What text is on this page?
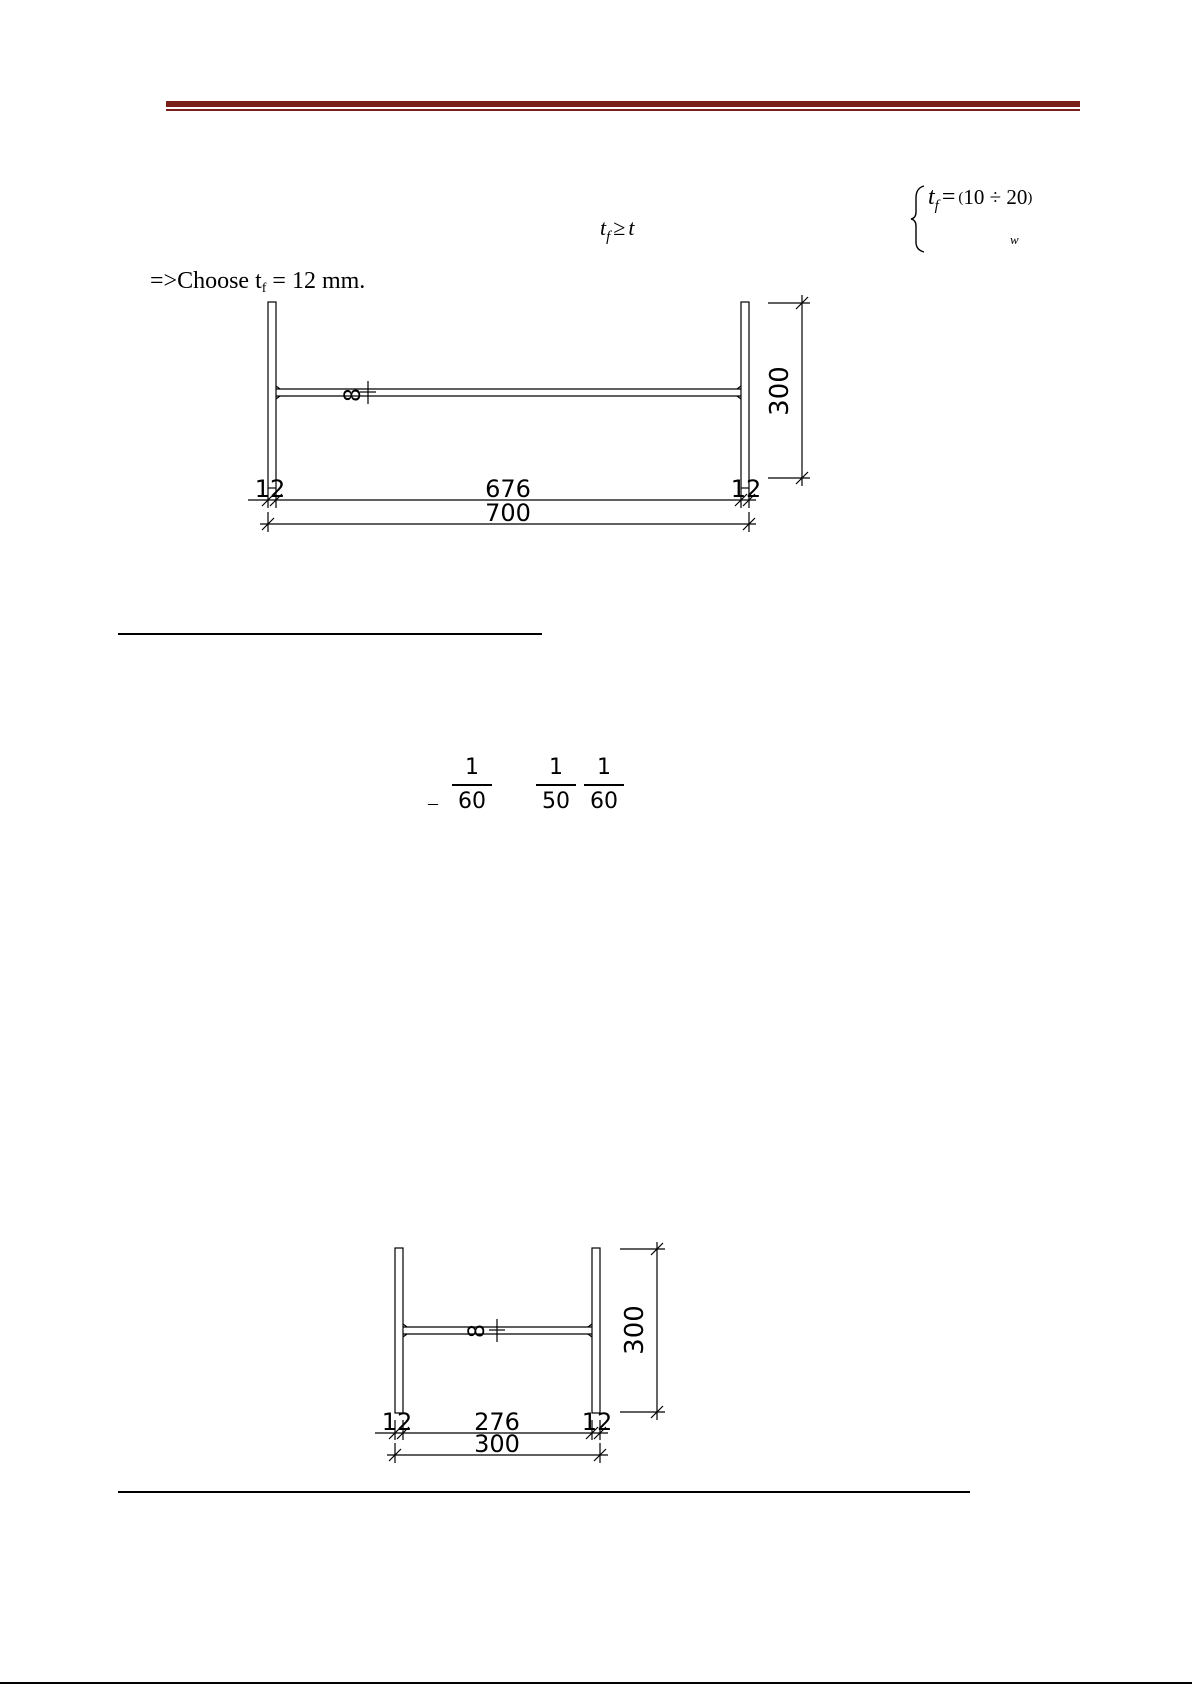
$t_f = (10 \div 20)$
w
$t_f \ge t$
=>Choose tf = 12 mm.
8	300
12	676	12
700
1
60
1
50
1
60
–
8	300
12	276	12
300
